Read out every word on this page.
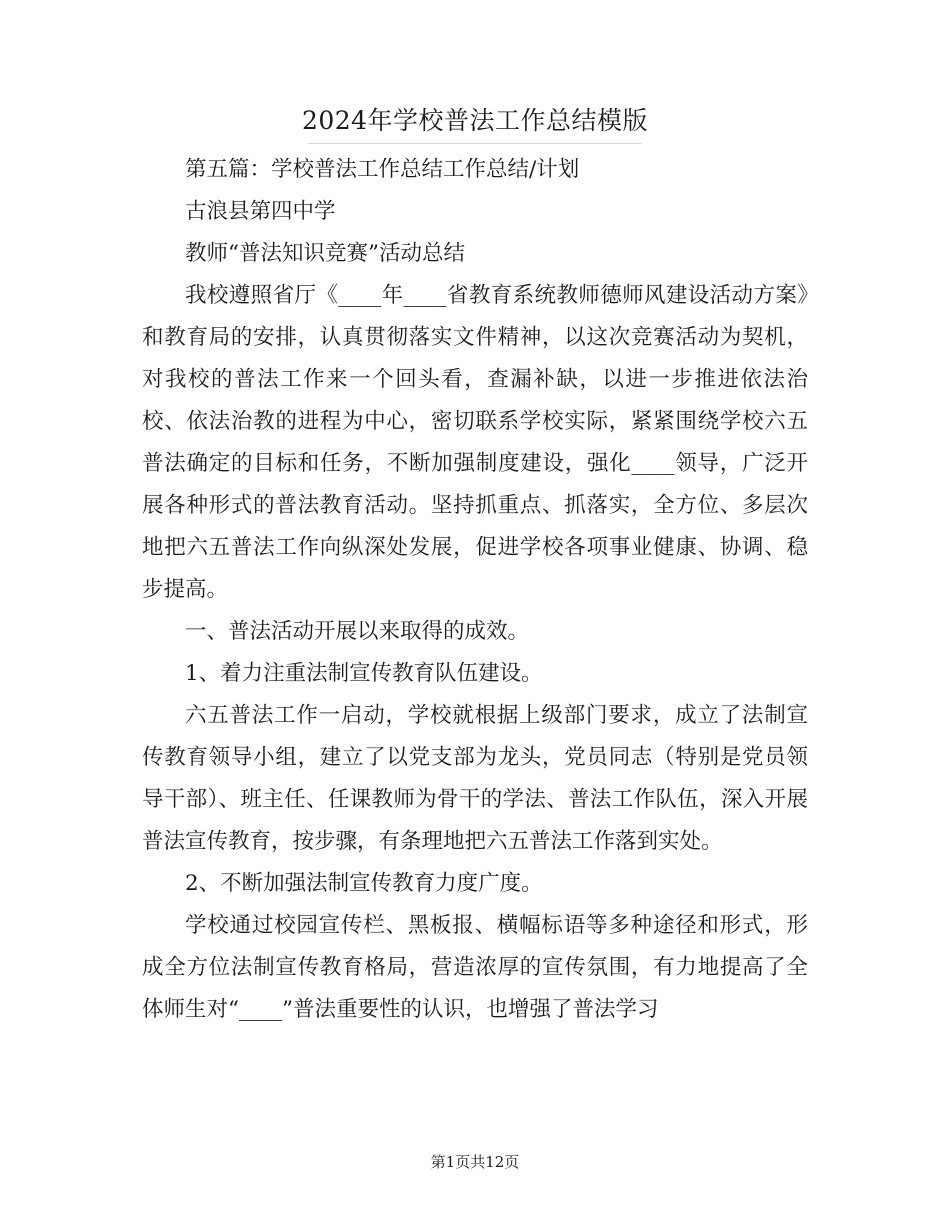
2024年学校普法工作总结模版

第五篇：学校普法工作总结工作总结/计划

古浪县第四中学

教师“普法知识竞赛”活动总结

我校遵照省厅《____年____省教育系统教师德师风建设活动方案》和教育局的安排，认真贯彻落实文件精神，以这次竞赛活动为契机，对我校的普法工作来一个回头看，查漏补缺，以进一步推进依法治校、依法治教的进程为中心，密切联系学校实际，紧紧围绕学校六五普法确定的目标和任务，不断加强制度建设，强化____领导，广泛开展各种形式的普法教育活动。坚持抓重点、抓落实，全方位、多层次地把六五普法工作向纵深处发展，促进学校各项事业健康、协调、稳步提高。

一、普法活动开展以来取得的成效。

1、着力注重法制宣传教育队伍建设。

六五普法工作一启动，学校就根据上级部门要求，成立了法制宣传教育领导小组，建立了以党支部为龙头，党员同志（特别是党员领导干部）、班主任、任课教师为骨干的学法、普法工作队伍，深入开展普法宣传教育，按步骤，有条理地把六五普法工作落到实处。

2、不断加强法制宣传教育力度广度。

学校通过校园宣传栏、黑板报、横幅标语等多种途径和形式，形成全方位法制宣传教育格局，营造浓厚的宣传氛围，有力地提高了全体师生对“____”普法重要性的认识，也增强了普法学习

第1页共12页
